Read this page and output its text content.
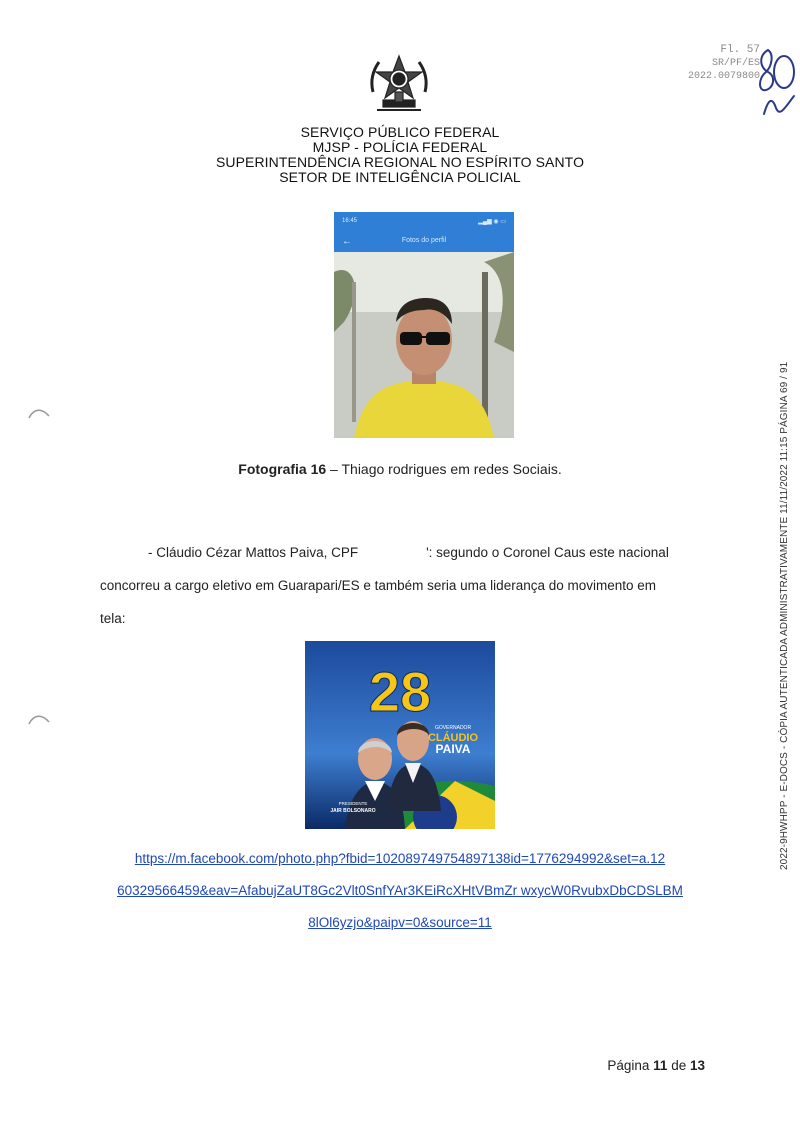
Fl. 57
SR/PF/ES
2022.0079800
SERVIÇO PÚBLICO FEDERAL
MJSP - POLÍCIA FEDERAL
SUPERINTENDÊNCIA REGIONAL NO ESPÍRITO SANTO
SETOR DE INTELIGÊNCIA POLICIAL
16:45	▂▄▆ ◉ ▭
←	Fotos do perfil
Fotografia 16 – Thiago rodrigues em redes Sociais.
- Cláudio Cézar Mattos Paiva, CPF	': segundo o Coronel Caus este nacional
concorreu a cargo eletivo em Guarapari/ES e também seria uma liderança do movimento em
tela:
28
GOVERNADOR
CLÁUDIO
PAIVA
PRESIDENTE
JAIR BOLSONARO
https://m.facebook.com/photo.php?fbid=102089749754897138id=1776294992&set=a.12
60329566459&eav=AfabujZaUT8Gc2Vlt0SnfYAr3KEiRcXHtVBmZr wxycW0RvubxDbCDSLBM
8lOl6yzjo&paipv=0&source=11
Página 11 de 13
2022-9HWHPP - E-DOCS - CÓPIA AUTENTICADA ADMINISTRATIVAMENTE 11/11/2022 11:15 PÁGINA 69 / 91
